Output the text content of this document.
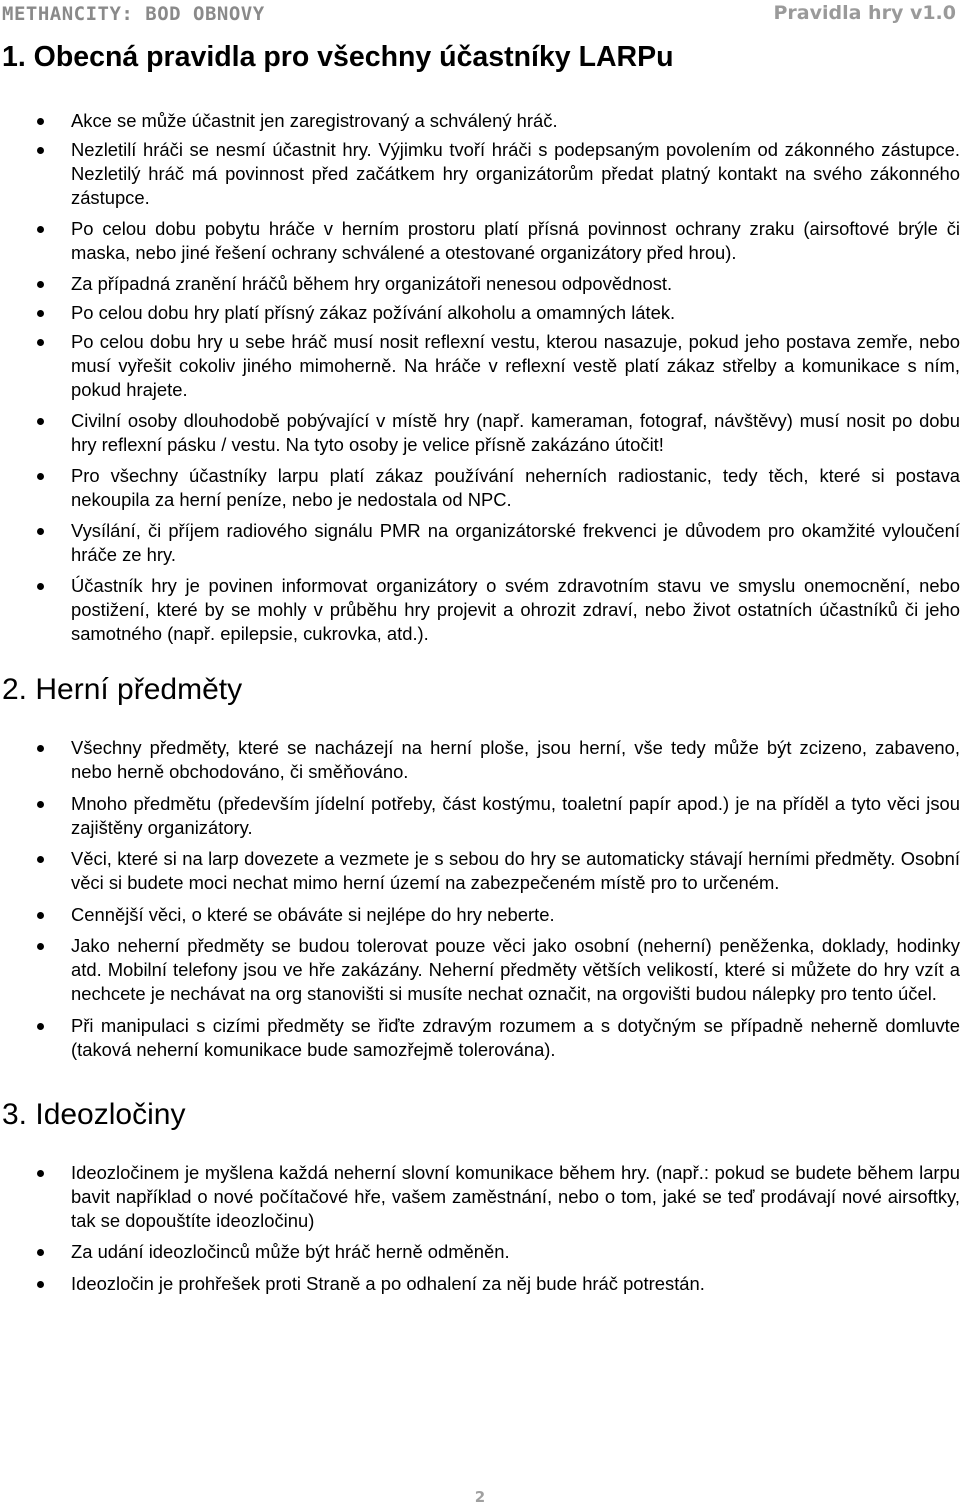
METHANCITY: BOD OBNOVY	Pravidla hry v1.0
1. Obecná pravidla pro všechny účastníky LARPu
Akce se může účastnit jen zaregistrovaný a schválený hráč.
Nezletilí hráči se nesmí účastnit hry. Výjimku tvoří hráči s podepsaným povolením od zákonného zástupce. Nezletilý hráč má povinnost před začátkem hry organizátorům předat platný kontakt na svého zákonného zástupce.
Po celou dobu pobytu hráče v herním prostoru platí přísná povinnost ochrany zraku (airsoftové brýle či maska, nebo jiné řešení ochrany schválené a otestované organizátory před hrou).
Za případná zranění hráčů během hry organizátoři nenesou odpovědnost.
Po celou dobu hry platí přísný zákaz požívání alkoholu a omamných látek.
Po celou dobu hry u sebe hráč musí nosit reflexní vestu, kterou nasazuje, pokud jeho postava zemře, nebo musí vyřešit cokoliv jiného mimoherně. Na hráče v reflexní vestě platí zákaz střelby a komunikace s ním, pokud hrajete.
Civilní osoby dlouhodobě pobývající v místě hry (např. kameraman, fotograf, návštěvy) musí nosit po dobu hry reflexní pásku / vestu. Na tyto osoby je velice přísně zakázáno útočit!
Pro všechny účastníky larpu platí zákaz používání neherních radiostanic, tedy těch, které si postava nekoupila za herní peníze, nebo je nedostala od NPC.
Vysílání, či příjem radiového signálu PMR na organizátorské frekvenci je důvodem pro okamžité vyloučení hráče ze hry.
Účastník hry je povinen informovat organizátory o svém zdravotním stavu ve smyslu onemocnění, nebo postižení, které by se mohly v průběhu hry projevit a ohrozit zdraví, nebo život ostatních účastníků či jeho samotného (např. epilepsie, cukrovka, atd.).
2. Herní předměty
Všechny předměty, které se nacházejí na herní ploše, jsou herní, vše tedy může být zcizeno, zabaveno, nebo herně obchodováno, či směňováno.
Mnoho předmětu (především jídelní potřeby, část kostýmu, toaletní papír apod.) je na příděl a tyto věci jsou zajištěny organizátory.
Věci, které si na larp dovezete a vezmete je s sebou do hry se automaticky stávají herními předměty. Osobní věci si budete moci nechat mimo herní území na zabezpečeném místě pro to určeném.
Cennější věci, o které se obáváte si nejlépe do hry neberte.
Jako neherní předměty se budou tolerovat pouze věci jako osobní (neherní) peněženka, doklady, hodinky atd. Mobilní telefony jsou ve hře zakázány. Neherní předměty větších velikostí, které si můžete do hry vzít a nechcete je nechávat na org stanovišti si musíte nechat označit, na orgovišti budou nálepky pro tento účel.
Při manipulaci s cizími předměty se řiďte zdravým rozumem a s dotyčným se případně neherně domluvte (taková neherní komunikace bude samozřejmě tolerována).
3. Ideozločiny
Ideozločinem je myšlena každá neherní slovní komunikace během hry. (např.: pokud se budete během larpu bavit například o nové počítačové hře, vašem zaměstnání, nebo o tom, jaké se teď prodávají nové airsoftky, tak se dopouštíte ideozločinu)
Za udání ideozločinců může být hráč herně odměněn.
Ideozločin je prohřešek proti Straně a po odhalení za něj bude hráč potrestán.
2
